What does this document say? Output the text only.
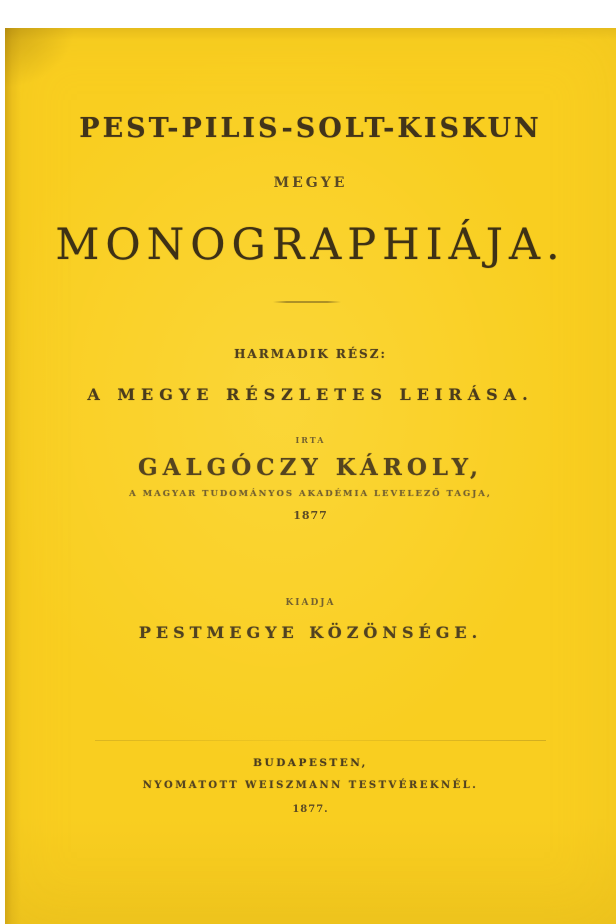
PEST-PILIS-SOLT-KISKUN
MEGYE
MONOGRAPHIÁJA.
HARMADIK RÉSZ:
A MEGYE RÉSZLETES LEIRÁSA.
IRTA
GALGÓCZY KÁROLY,
A MAGYAR TUDOMÁNYOS AKADÉMIA LEVELEZŐ TAGJA,
1877
KIADJA
PESTMEGYE KÖZÖNSÉGE.
BUDAPESTEN,
NYOMATOTT WEISZMANN TESTVÉREKNÉL.
1877.
